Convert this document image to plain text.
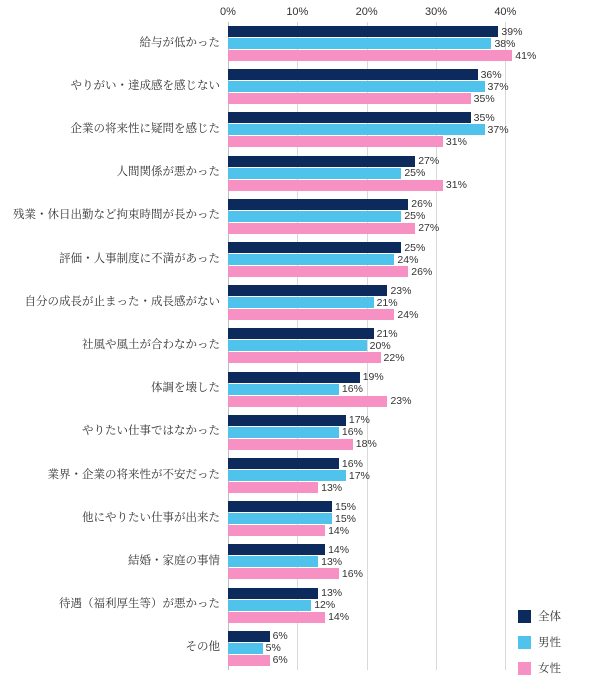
0%	10%	20%	30%	40%
給与が低かった
39%
38%
41%
やりがい・達成感を感じない
36%
37%
35%
企業の将来性に疑問を感じた
35%
37%
31%
人間関係が悪かった
27%
25%
31%
残業・休日出勤など拘束時間が長かった
26%
25%
27%
評価・人事制度に不満があった
25%
24%
26%
自分の成長が止まった・成長感がない
23%
21%
24%
社風や風土が合わなかった
21%
20%
22%
体調を壊した
19%
16%
23%
やりたい仕事ではなかった
17%
16%
18%
業界・企業の将来性が不安だった
16%
17%
13%
他にやりたい仕事が出来た
15%
15%
14%
結婚・家庭の事情
14%
13%
16%
待遇（福利厚生等）が悪かった
13%
12%
14%
その他
6%
5%
6%
全体
男性
女性
